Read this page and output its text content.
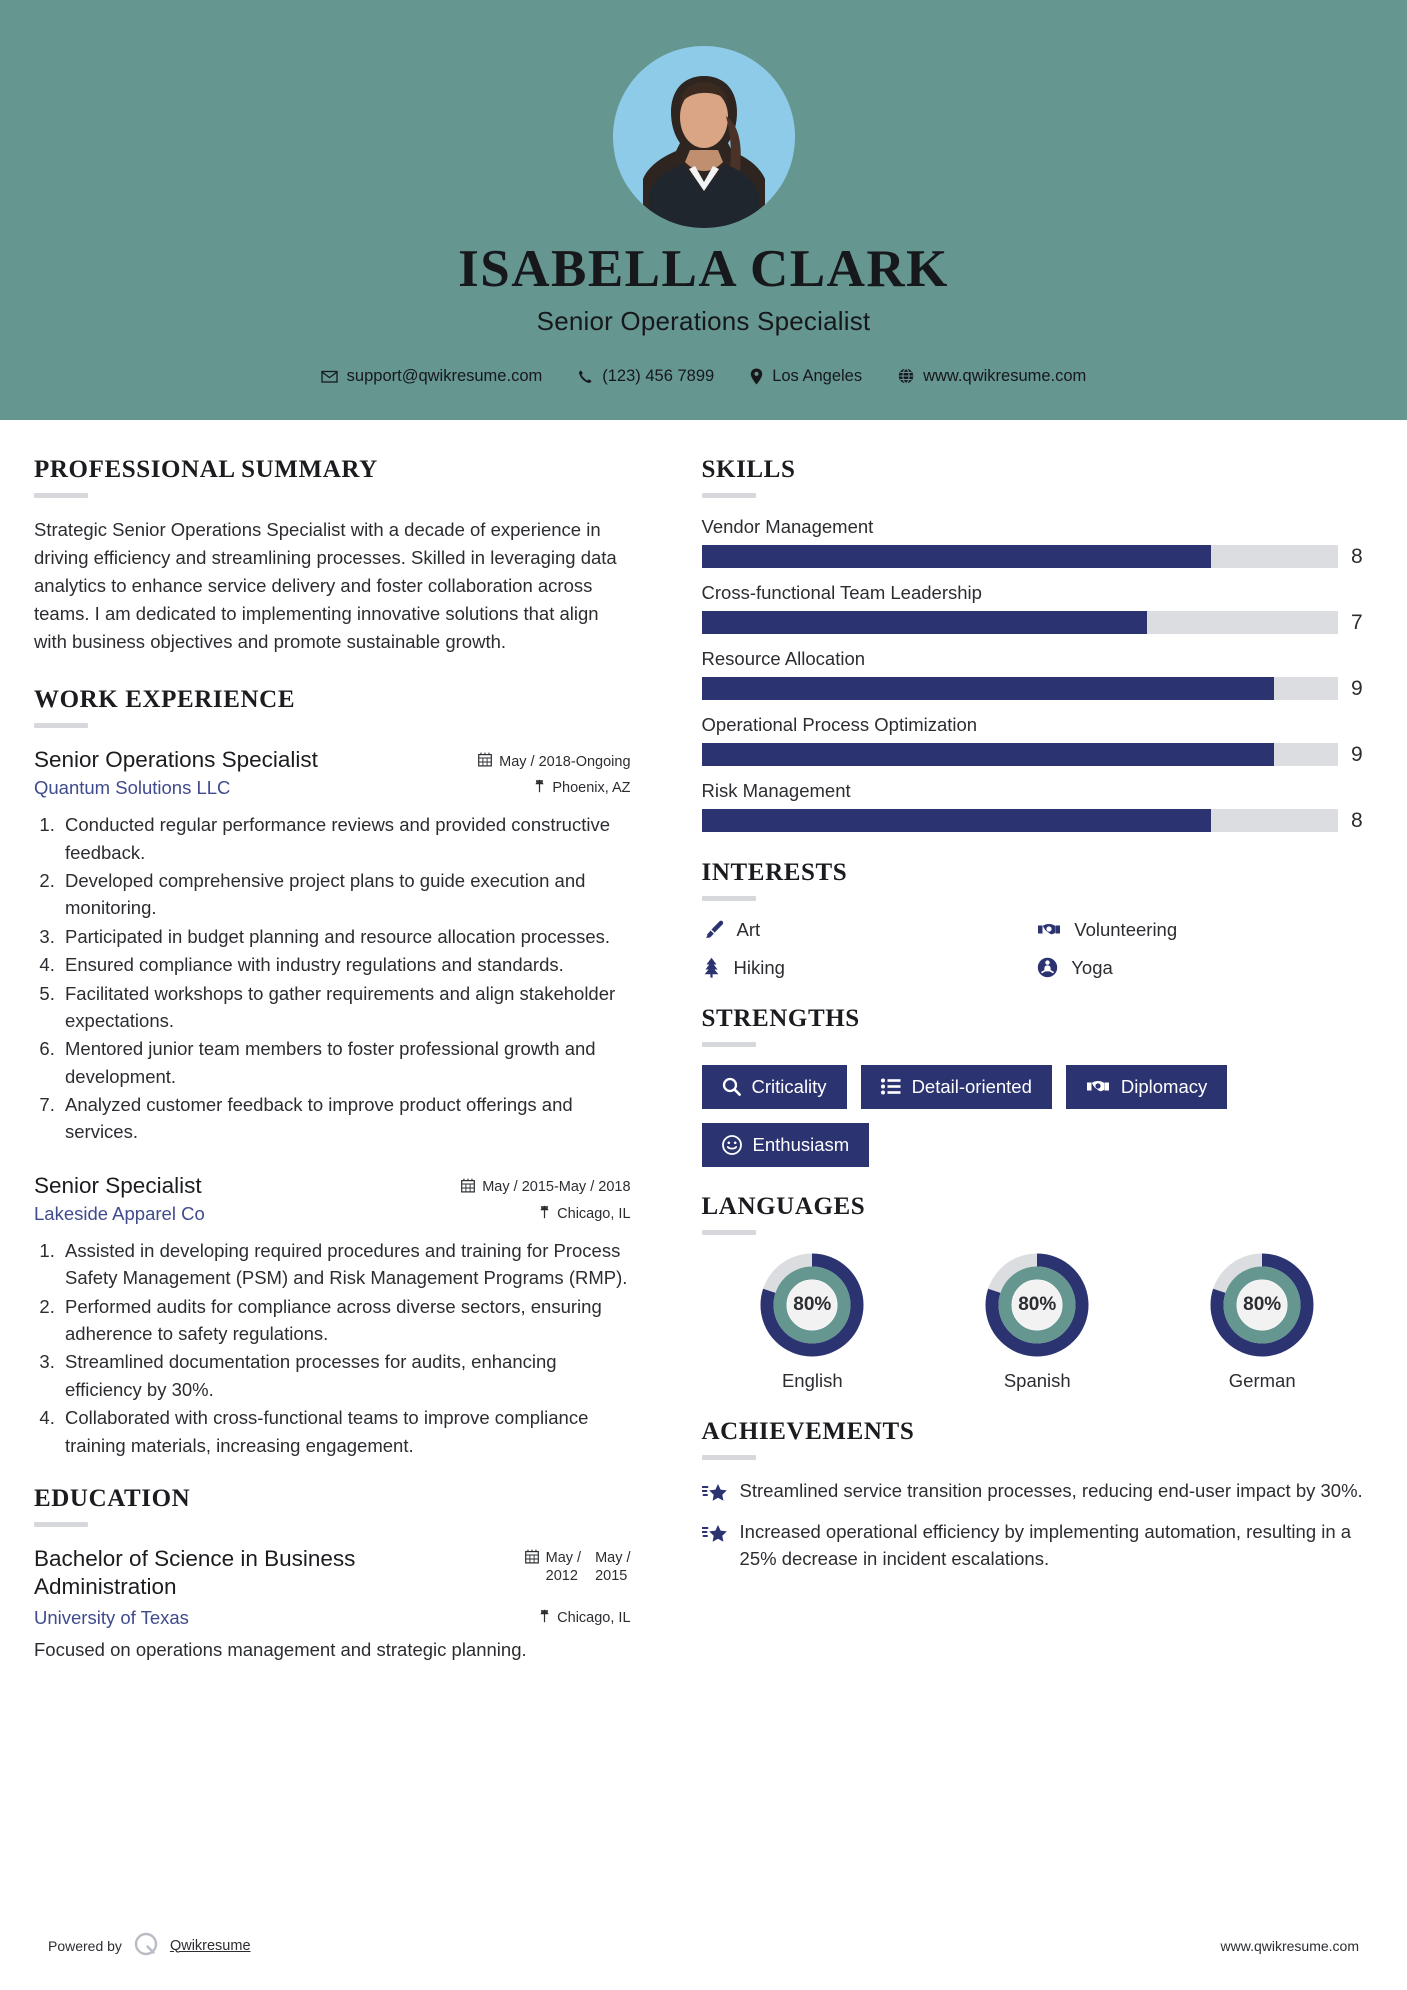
ISABELLA CLARK
Senior Operations Specialist
support@qwikresume.com	(123) 456 7899	Los Angeles	www.qwikresume.com
PROFESSIONAL SUMMARY
Strategic Senior Operations Specialist with a decade of experience in driving efficiency and streamlining processes. Skilled in leveraging data analytics to enhance service delivery and foster collaboration across teams. I am dedicated to implementing innovative solutions that align with business objectives and promote sustainable growth.
WORK EXPERIENCE
Senior Operations Specialist	May / 2018-Ongoing
Quantum Solutions LLC	Phoenix, AZ
1. Conducted regular performance reviews and provided constructive feedback.
2. Developed comprehensive project plans to guide execution and monitoring.
3. Participated in budget planning and resource allocation processes.
4. Ensured compliance with industry regulations and standards.
5. Facilitated workshops to gather requirements and align stakeholder expectations.
6. Mentored junior team members to foster professional growth and development.
7. Analyzed customer feedback to improve product offerings and services.
Senior Specialist	May / 2015-May / 2018
Lakeside Apparel Co	Chicago, IL
1. Assisted in developing required procedures and training for Process Safety Management (PSM) and Risk Management Programs (RMP).
2. Performed audits for compliance across diverse sectors, ensuring adherence to safety regulations.
3. Streamlined documentation processes for audits, enhancing efficiency by 30%.
4. Collaborated with cross-functional teams to improve compliance training materials, increasing engagement.
EDUCATION
Bachelor of Science in Business Administration
May /
2012
May /
2015
University of Texas	Chicago, IL
Focused on operations management and strategic planning.
SKILLS
Vendor Management
8
Cross-functional Team Leadership
7
Resource Allocation
9
Operational Process Optimization
9
Risk Management
8
INTERESTS
Art	Volunteering
Hiking	Yoga
STRENGTHS
Criticality	Detail-oriented	Diplomacy
Enthusiasm
LANGUAGES
80%
English
80%
Spanish
80%
German
ACHIEVEMENTS
Streamlined service transition processes, reducing end-user impact by 30%.
Increased operational efficiency by implementing automation, resulting in a 25% decrease in incident escalations.
Powered by	Qwikresume	www.qwikresume.com
